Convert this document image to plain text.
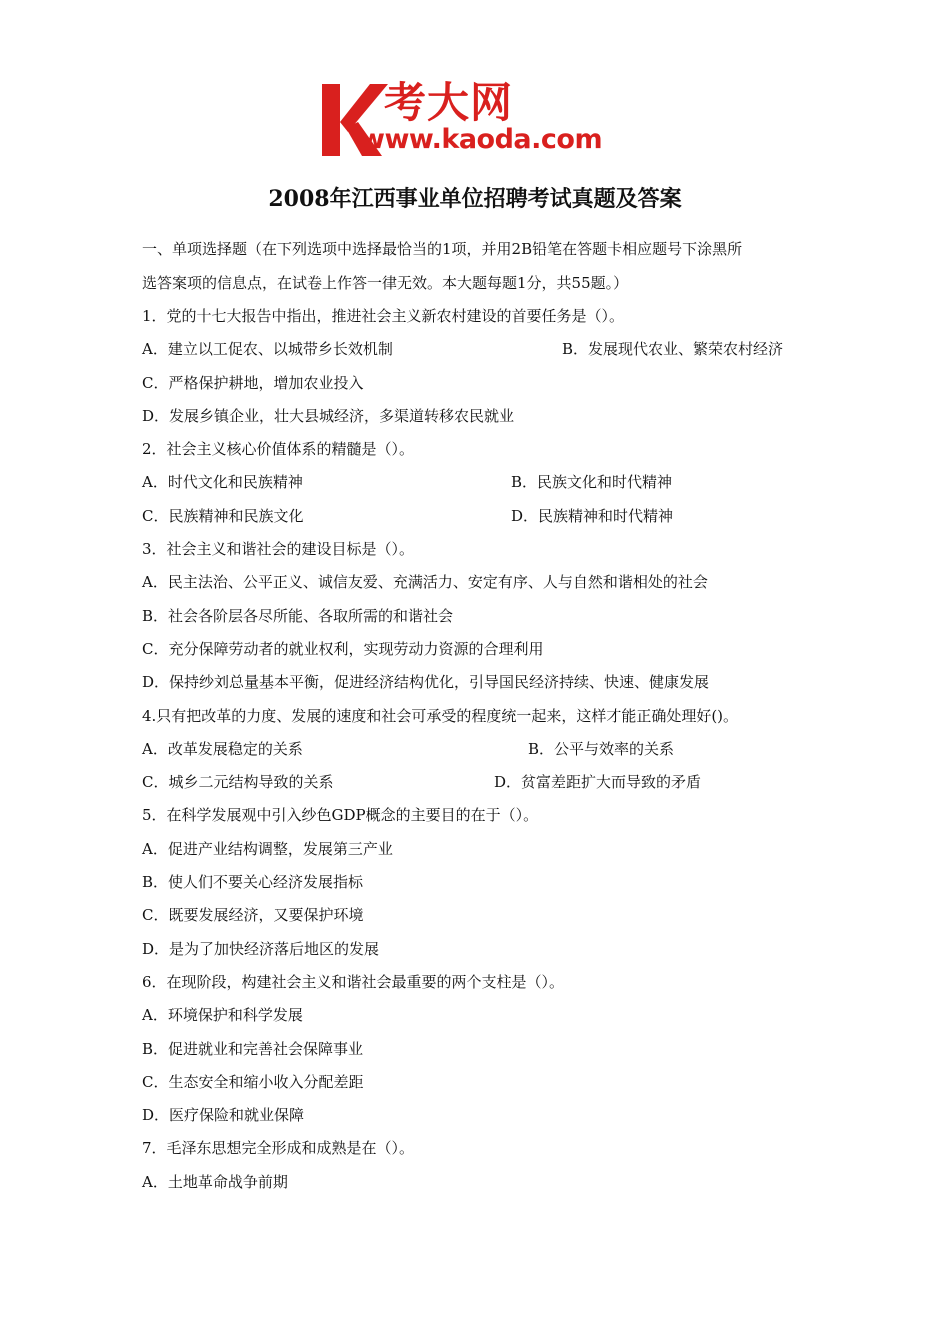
考大网
www.kaoda.com
2008年江西事业单位招聘考试真题及答案
一、单项选择题（在下列选项中选择最恰当的1项，并用2B铅笔在答题卡相应题号下涂黑所
选答案项的信息点，在试卷上作答一律无效。本大题每题1分，共55题。）
1．党的十七大报告中指出，推进社会主义新农村建设的首要任务是（）。
A．建立以工促农、以城带乡长效机制	B．发展现代农业、繁荣农村经济
C．严格保护耕地，增加农业投入
D．发展乡镇企业，壮大县城经济，多渠道转移农民就业
2．社会主义核心价值体系的精髓是（）。
A．时代文化和民族精神	B．民族文化和时代精神
C．民族精神和民族文化	D．民族精神和时代精神
3．社会主义和谐社会的建设目标是（）。
A．民主法治、公平正义、诚信友爱、充满活力、安定有序、人与自然和谐相处的社会
B．社会各阶层各尽所能、各取所需的和谐社会
C．充分保障劳动者的就业权利，实现劳动力资源的合理利用
D．保持纱刘总量基本平衡，促进经济结构优化，引导国民经济持续、快速、健康发展
4.只有把改革的力度、发展的速度和社会可承受的程度统一起来，这样才能正确处理好()。
A．改革发展稳定的关系	B．公平与效率的关系
C．城乡二元结构导致的关系	D．贫富差距扩大而导致的矛盾
5．在科学发展观中引入纱色GDP概念的主要目的在于（）。
A．促进产业结构调整，发展第三产业
B．使人们不要关心经济发展指标
C．既要发展经济，又要保护环境
D．是为了加快经济落后地区的发展
6．在现阶段，构建社会主义和谐社会最重要的两个支柱是（）。
A．环境保护和科学发展
B．促进就业和完善社会保障事业
C．生态安全和缩小收入分配差距
D．医疗保险和就业保障
7．毛泽东思想完全形成和成熟是在（）。
A．土地革命战争前期
